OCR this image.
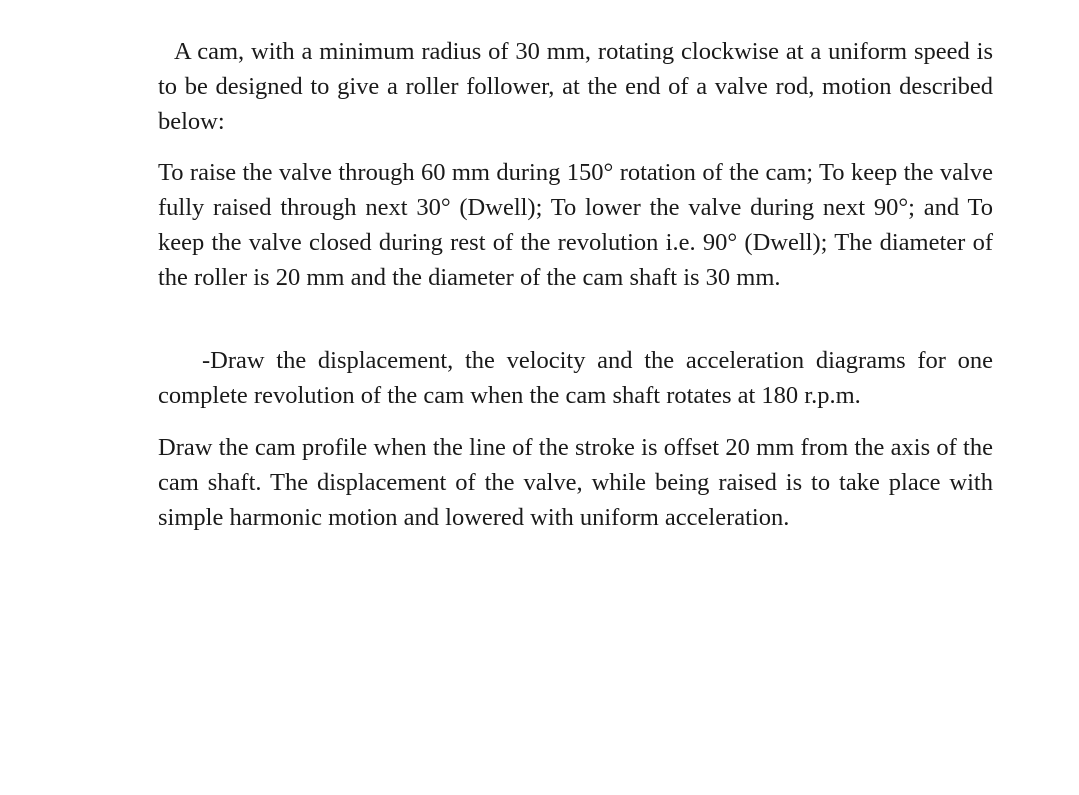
A cam, with a minimum radius of 30 mm, rotating clockwise at a uniform speed is to be designed to give a roller follower, at the end of a valve rod, motion described below:

To raise the valve through 60 mm during 150° rotation of the cam; To keep the valve fully raised through next 30° (Dwell); To lower the valve during next 90°; and To keep the valve closed during rest of the revolution i.e. 90° (Dwell); The diameter of the roller is 20 mm and the diameter of the cam shaft is 30 mm.

-Draw the displacement, the velocity and the acceleration diagrams for one complete revolution of the cam when the cam shaft rotates at 180 r.p.m.

Draw the cam profile when the line of the stroke is offset 20 mm from the axis of the cam shaft. The displacement of the valve, while being raised is to take place with simple harmonic motion and lowered with uniform acceleration.
